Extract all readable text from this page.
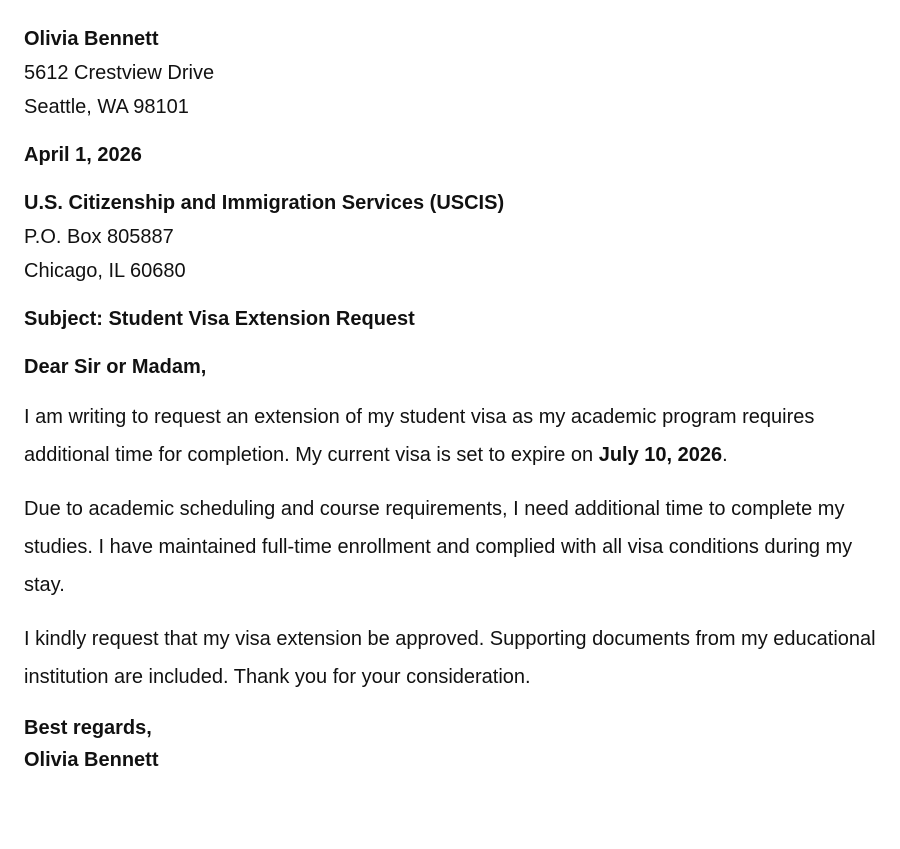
Olivia Bennett
5612 Crestview Drive
Seattle, WA 98101
April 1, 2026
U.S. Citizenship and Immigration Services (USCIS)
P.O. Box 805887
Chicago, IL 60680
Subject: Student Visa Extension Request
Dear Sir or Madam,
I am writing to request an extension of my student visa as my academic program requires additional time for completion. My current visa is set to expire on July 10, 2026.
Due to academic scheduling and course requirements, I need additional time to complete my studies. I have maintained full-time enrollment and complied with all visa conditions during my stay.
I kindly request that my visa extension be approved. Supporting documents from my educational institution are included. Thank you for your consideration.
Best regards,
Olivia Bennett
